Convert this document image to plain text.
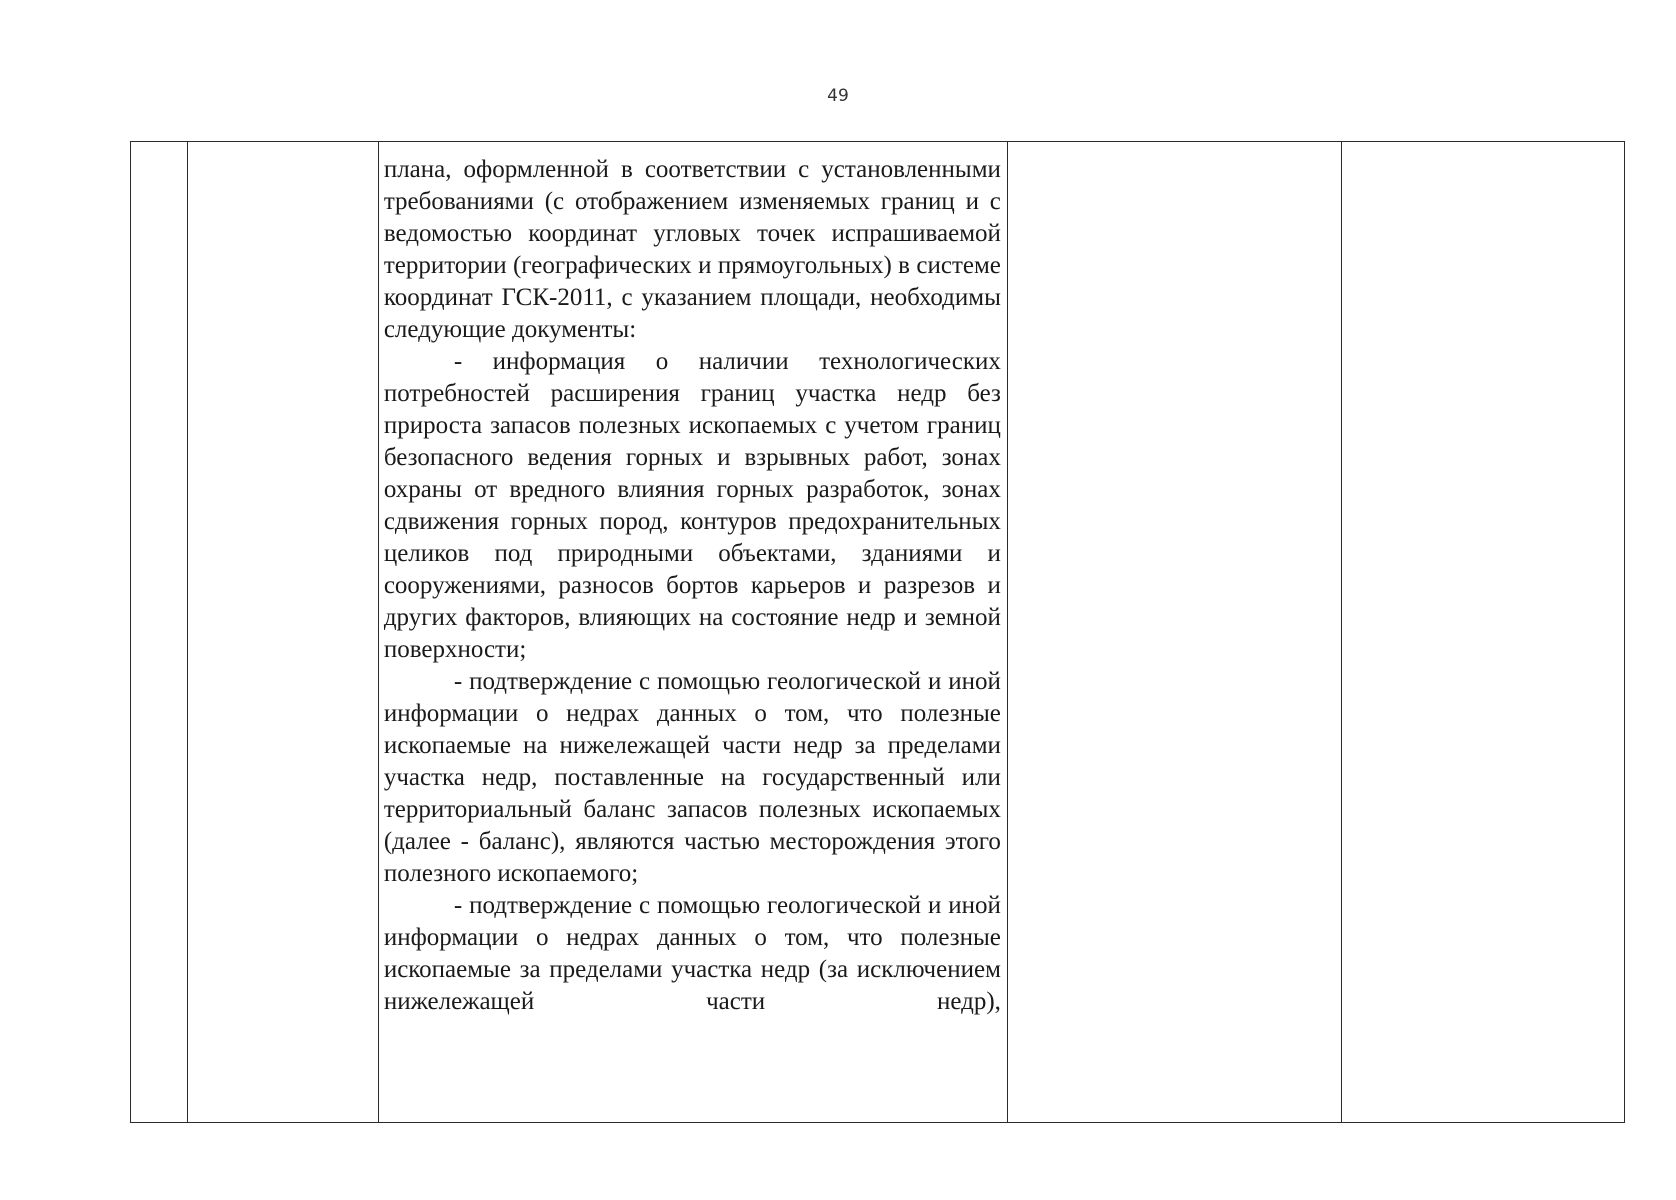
49

плана, оформленной в соответствии с установленными требованиями (с отображением изменяемых границ и с ведомостью координат угловых точек испрашиваемой территории (географических и прямоугольных) в системе координат ГСК-2011, с указанием площади, необходимы следующие документы:

- информация о наличии технологических потребностей расширения границ участка недр без прироста запасов полезных ископаемых с учетом границ безопасного ведения горных и взрывных работ, зонах охраны от вредного влияния горных разработок, зонах сдвижения горных пород, контуров предохранительных целиков под природными объектами, зданиями и сооружениями, разносов бортов карьеров и разрезов и других факторов, влияющих на состояние недр и земной поверхности;

- подтверждение с помощью геологической и иной информации о недрах данных о том, что полезные ископаемые на нижележащей части недр за пределами участка недр, поставленные на государственный или территориальный баланс запасов полезных ископаемых (далее - баланс), являются частью месторождения этого полезного ископаемого;

- подтверждение с помощью геологической и иной информации о недрах данных о том, что полезные ископаемые за пределами участка недр (за исключением нижележащей части недр),
